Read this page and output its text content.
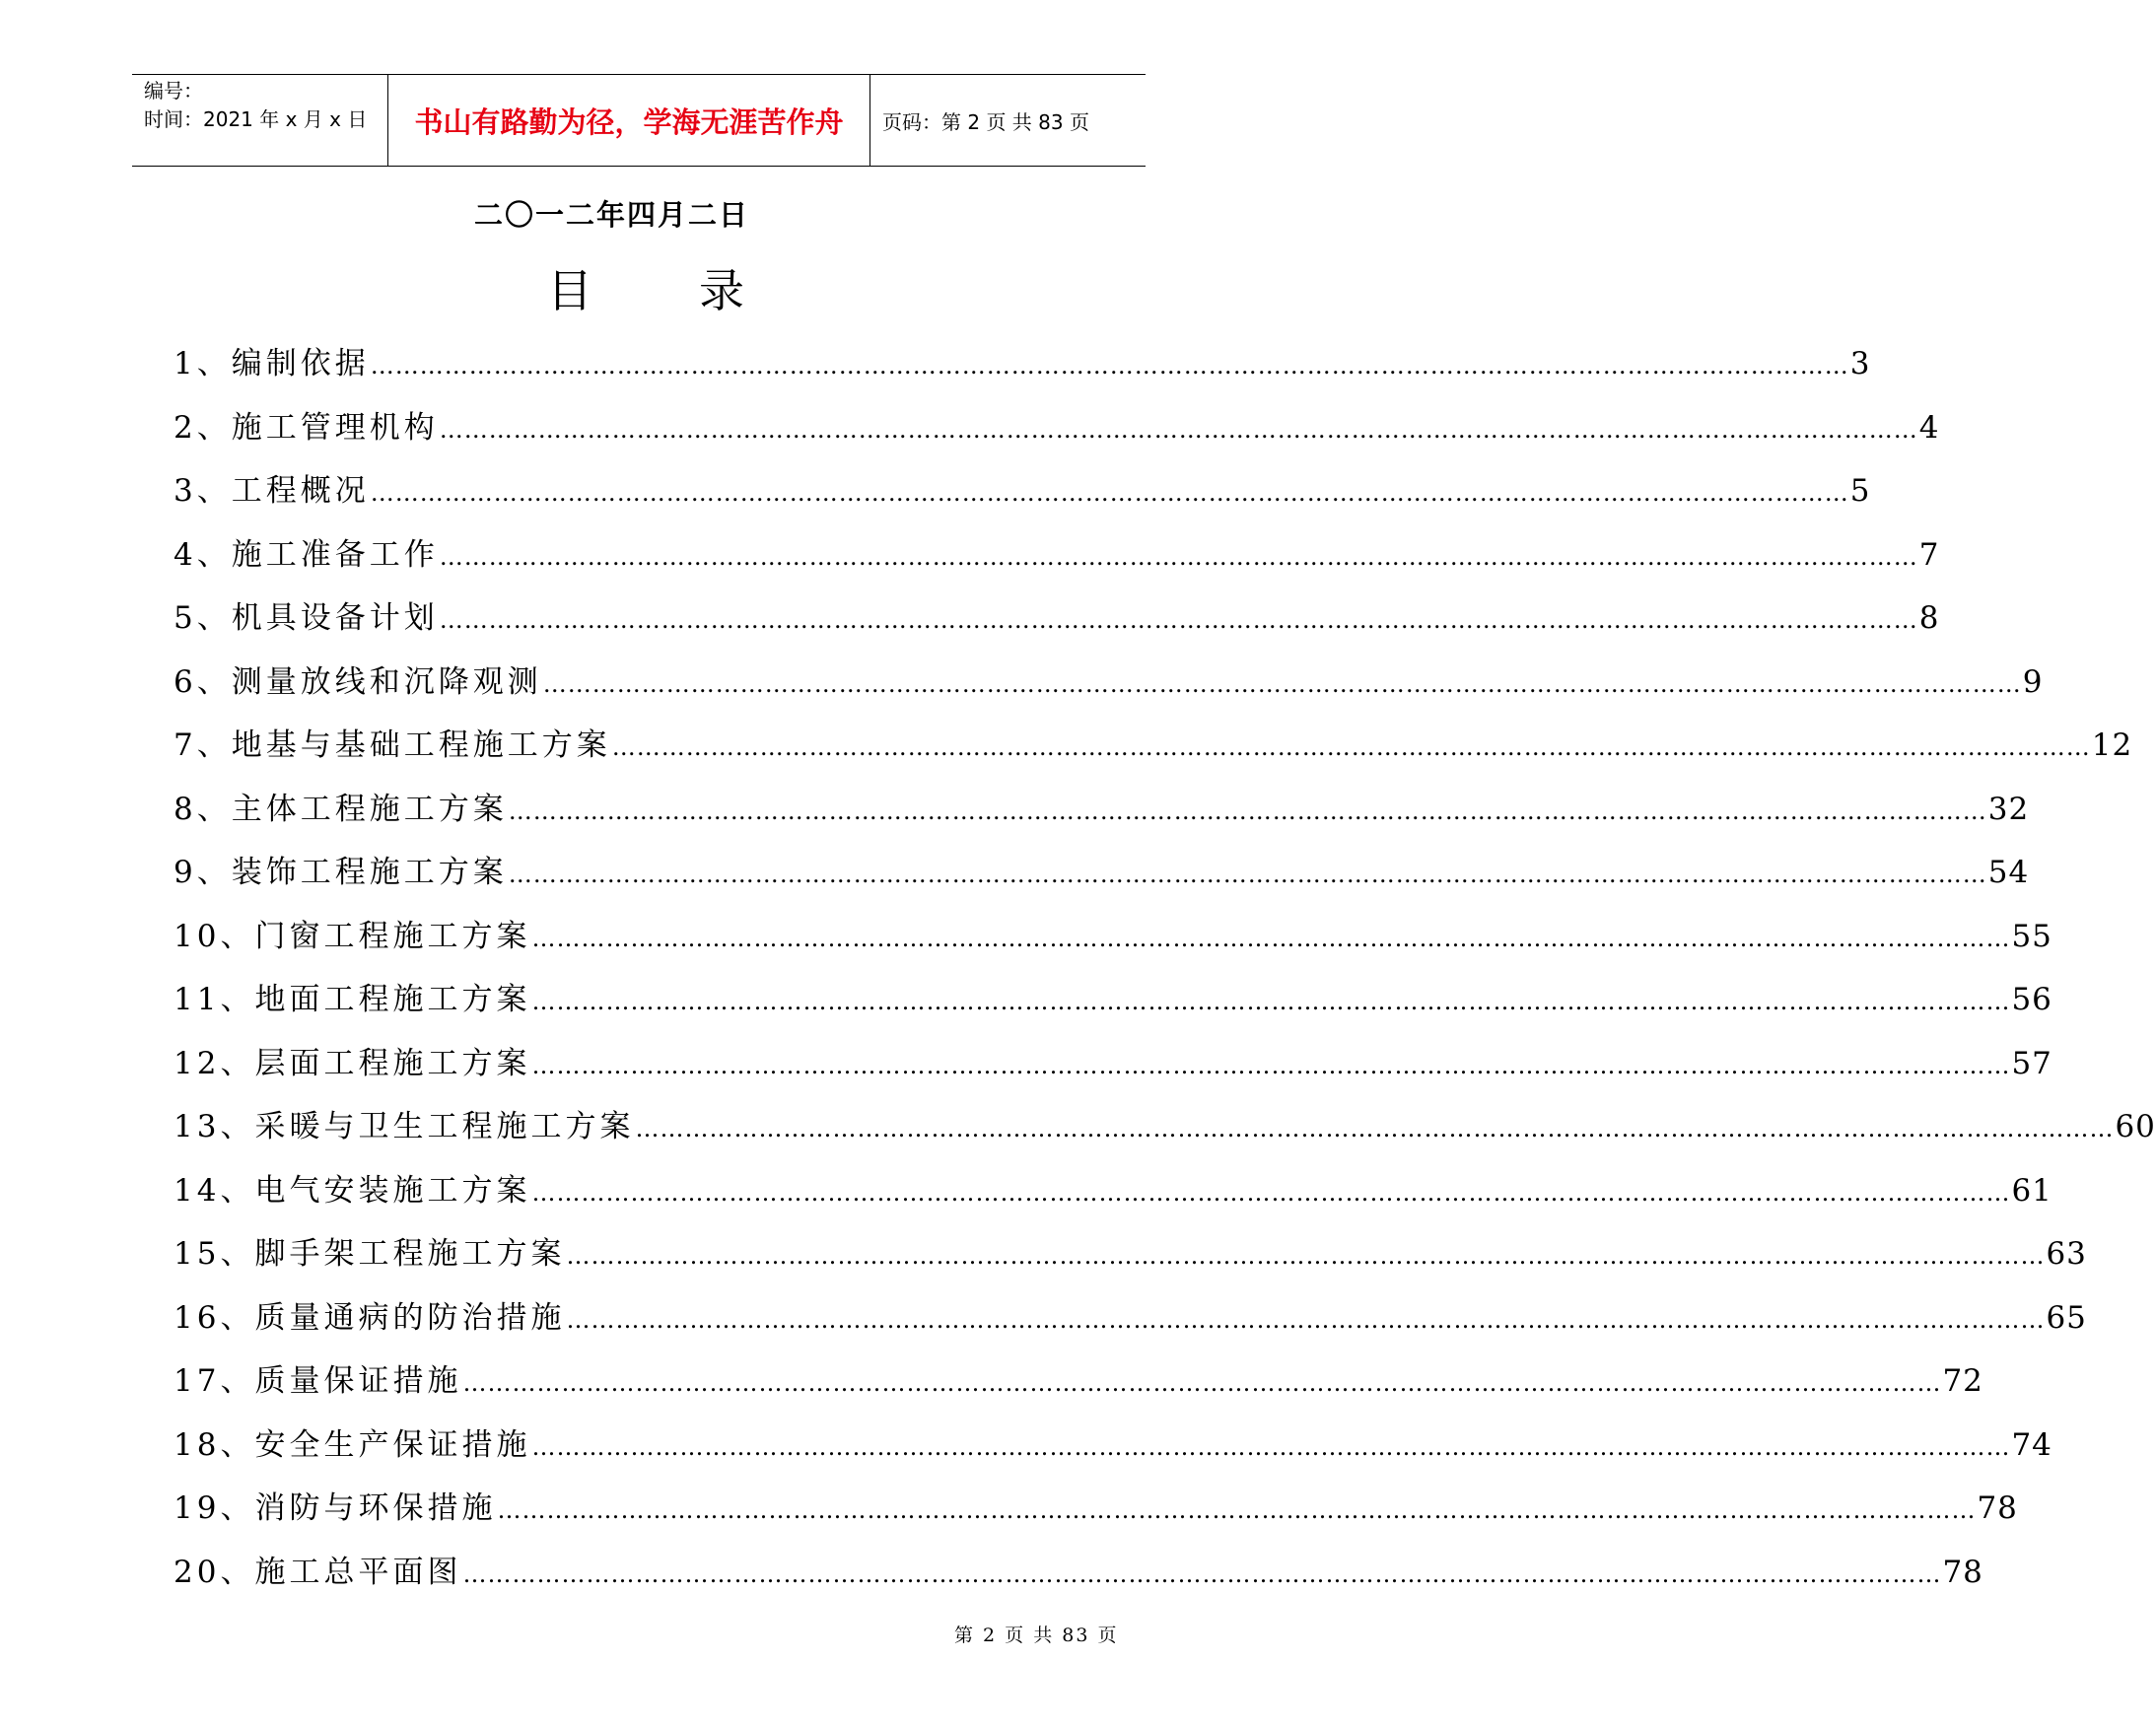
编号：
时间：2021 年 x 月 x 日	书山有路勤为径，学海无涯苦作舟	页码：第 2 页 共 83 页
二〇一二年四月二日
目 录
1、编制依据 ……………………………………………………………………………………………………………………………………………………………… 3
2、施工管理机构 ……………………………………………………………………………………………………………………………………………………………… 4
3、工程概况 ……………………………………………………………………………………………………………………………………………………………… 5
4、施工准备工作 ……………………………………………………………………………………………………………………………………………………………… 7
5、机具设备计划 ……………………………………………………………………………………………………………………………………………………………… 8
6、测量放线和沉降观测 ……………………………………………………………………………………………………………………………………………………………… 9
7、地基与基础工程施工方案 ……………………………………………………………………………………………………………………………………………………………… 12
8、主体工程施工方案 ……………………………………………………………………………………………………………………………………………………………… 32
9、装饰工程施工方案 ……………………………………………………………………………………………………………………………………………………………… 54
10、门窗工程施工方案 ……………………………………………………………………………………………………………………………………………………………… 55
11、地面工程施工方案 ……………………………………………………………………………………………………………………………………………………………… 56
12、层面工程施工方案 ……………………………………………………………………………………………………………………………………………………………… 57
13、采暖与卫生工程施工方案 ……………………………………………………………………………………………………………………………………………………………… 60
14、电气安装施工方案 ……………………………………………………………………………………………………………………………………………………………… 61
15、脚手架工程施工方案 ……………………………………………………………………………………………………………………………………………………………… 63
16、质量通病的防治措施 ……………………………………………………………………………………………………………………………………………………………… 65
17、质量保证措施 ……………………………………………………………………………………………………………………………………………………………… 72
18、安全生产保证措施 ……………………………………………………………………………………………………………………………………………………………… 74
19、消防与环保措施 ……………………………………………………………………………………………………………………………………………………………… 78
20、施工总平面图 ……………………………………………………………………………………………………………………………………………………………… 78
第 2 页 共 83 页
